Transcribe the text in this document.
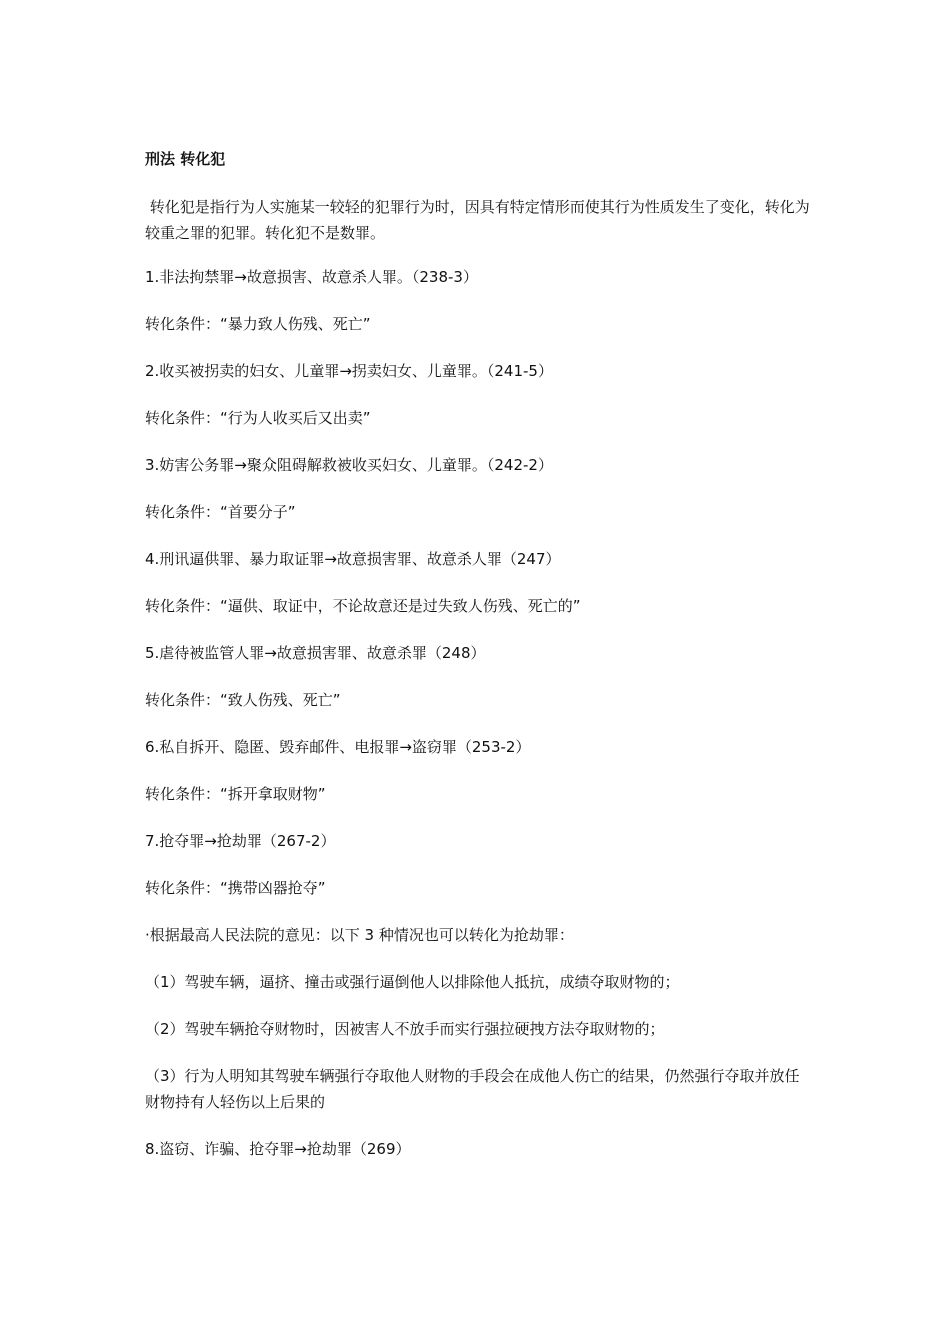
刑法 转化犯
转化犯是指行为人实施某一较轻的犯罪行为时，因具有特定情形而使其行为性质发生了变化，转化为较重之罪的犯罪。转化犯不是数罪。
1.非法拘禁罪→故意损害、故意杀人罪。（238-3）
转化条件：“暴力致人伤残、死亡”
2.收买被拐卖的妇女、儿童罪→拐卖妇女、儿童罪。（241-5）
转化条件：“行为人收买后又出卖”
3.妨害公务罪→聚众阻碍解救被收买妇女、儿童罪。（242-2）
转化条件：“首要分子”
4.刑讯逼供罪、暴力取证罪→故意损害罪、故意杀人罪（247）
转化条件：“逼供、取证中，不论故意还是过失致人伤残、死亡的”
5.虐待被监管人罪→故意损害罪、故意杀罪（248）
转化条件：“致人伤残、死亡”
6.私自拆开、隐匿、毁弃邮件、电报罪→盗窃罪（253-2）
转化条件：“拆开拿取财物”
7.抢夺罪→抢劫罪（267-2）
转化条件：“携带凶器抢夺”
·根据最高人民法院的意见：以下 3 种情况也可以转化为抢劫罪：
（1）驾驶车辆，逼挤、撞击或强行逼倒他人以排除他人抵抗，成绩夺取财物的；
（2）驾驶车辆抢夺财物时，因被害人不放手而实行强拉硬拽方法夺取财物的；
（3）行为人明知其驾驶车辆强行夺取他人财物的手段会在成他人伤亡的结果，仍然强行夺取并放任财物持有人轻伤以上后果的
8.盗窃、诈骗、抢夺罪→抢劫罪（269）
